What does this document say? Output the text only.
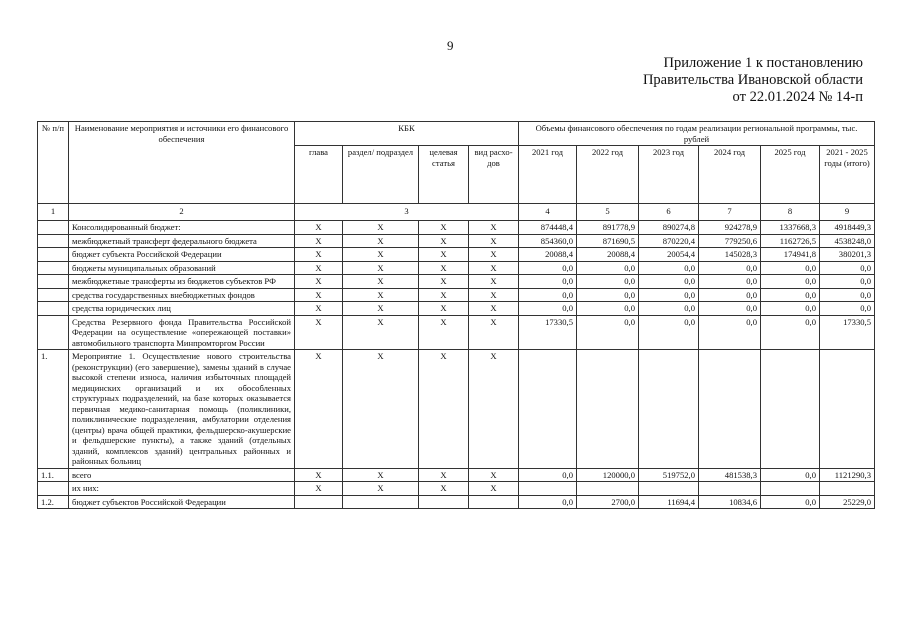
9
Приложение 1 к постановлению
Правительства Ивановской области
от 22.01.2024 № 14-п
№ п/п	Наименование мероприятия и источники его финансового обеспечения	КБК				Объемы финансового обеспечения по годам реализации региональной программы, тыс. рублей					
		глава	раздел/ подраздел	целевая статья	вид расхо-дов	2021 год	2022 год	2023 год	2024 год	2025 год	2021 - 2025 годы (итого)
1	2	3				4	5	6	7	8	9
	Консолидированный бюджет:	X	X	X	X	874448,4	891778,9	890274,8	924278,9	1337668,3	4918449,3
	межбюджетный трансферт федерального бюджета	X	X	X	X	854360,0	871690,5	870220,4	779250,6	1162726,5	4538248,0
	бюджет субъекта Российской Федерации	X	X	X	X	20088,4	20088,4	20054,4	145028,3	174941,8	380201,3
	бюджеты муниципальных образований	X	X	X	X	0,0	0,0	0,0	0,0	0,0	0,0
	межбюджетные трансферты из бюджетов субъектов РФ	X	X	X	X	0,0	0,0	0,0	0,0	0,0	0,0
	средства государственных внебюджетных фондов	X	X	X	X	0,0	0,0	0,0	0,0	0,0	0,0
	средства юридических лиц	X	X	X	X	0,0	0,0	0,0	0,0	0,0	0,0
	Средства Резервного фонда Правительства Российской Федерации на осуществление «опережающей поставки» автомобильного транспорта Минпромторгом России	X	X	X	X	17330,5	0,0	0,0	0,0	0,0	17330,5
1.	Мероприятие 1. Осуществление нового строительства (реконструкции) (его завершение), замены зданий в случае высокой степени износа, наличия избыточных площадей медицинских организаций и их обособленных структурных подразделений, на базе которых оказывается первичная медико-санитарная помощь (поликлиники, поликлинические подразделения, амбулатории отделения (центры) врача общей практики, фельдшерско-акушерские и фельдшерские пункты), а также зданий (отдельных зданий, комплексов зданий) центральных районных и районных больниц	X	X	X	X						
1.1.	всего	X	X	X	X	0,0	120000,0	519752,0	481538,3	0,0	1121290,3
	их них:	X	X	X	X						
1.2.	бюджет субъектов Российской Федерации					0,0	2700,0	11694,4	10834,6	0,0	25229,0
